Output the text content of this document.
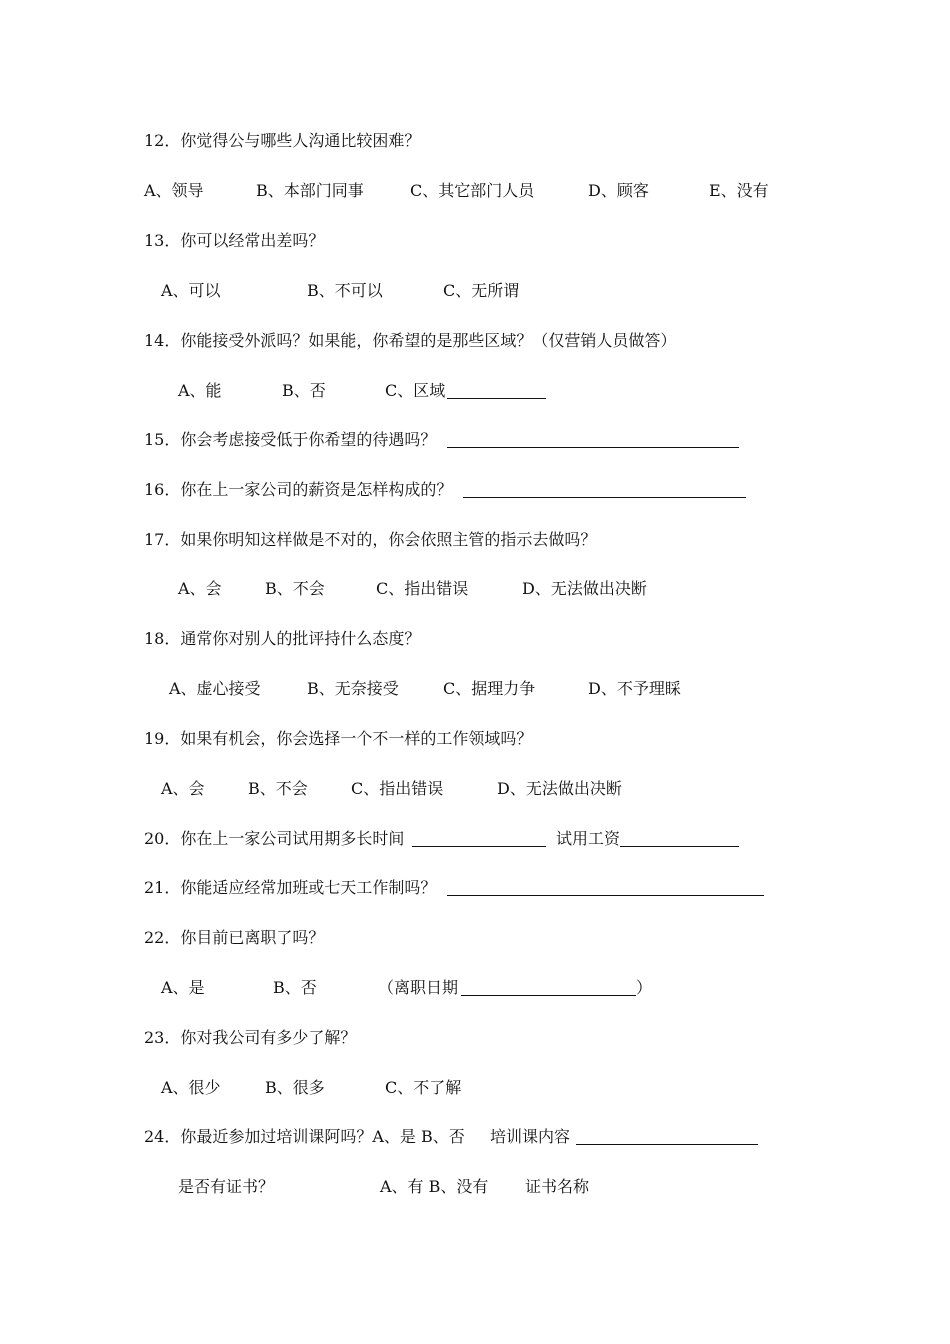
12．你觉得公与哪些人沟通比较困难？
A、领导	B、本部门同事	C、其它部门人员	D、顾客	E、没有
13．你可以经常出差吗？
A、可以	B、不可以	C、无所谓
14．你能接受外派吗？如果能，你希望的是那些区域？（仅营销人员做答）
A、能	B、否	C、区域
15．你会考虑接受低于你希望的待遇吗？
16．你在上一家公司的薪资是怎样构成的？
17．如果你明知这样做是不对的，你会依照主管的指示去做吗？
A、会	B、不会	C、指出错误	D、无法做出决断
18．通常你对别人的批评持什么态度？
A、虚心接受	B、无奈接受	C、据理力争	D、不予理睬
19．如果有机会，你会选择一个不一样的工作领域吗？
A、会	B、不会	C、指出错误	D、无法做出决断
20．你在上一家公司试用期多长时间	试用工资
21．你能适应经常加班或七天工作制吗？
22．你目前已离职了吗？
A、是	B、否	（离职日期	）
23．你对我公司有多少了解？
A、很少	B、很多	C、不了解
24．你最近参加过培训课阿吗？A、是 B、否 培训课内容
是否有证书？	A、有 B、没有 证书名称
